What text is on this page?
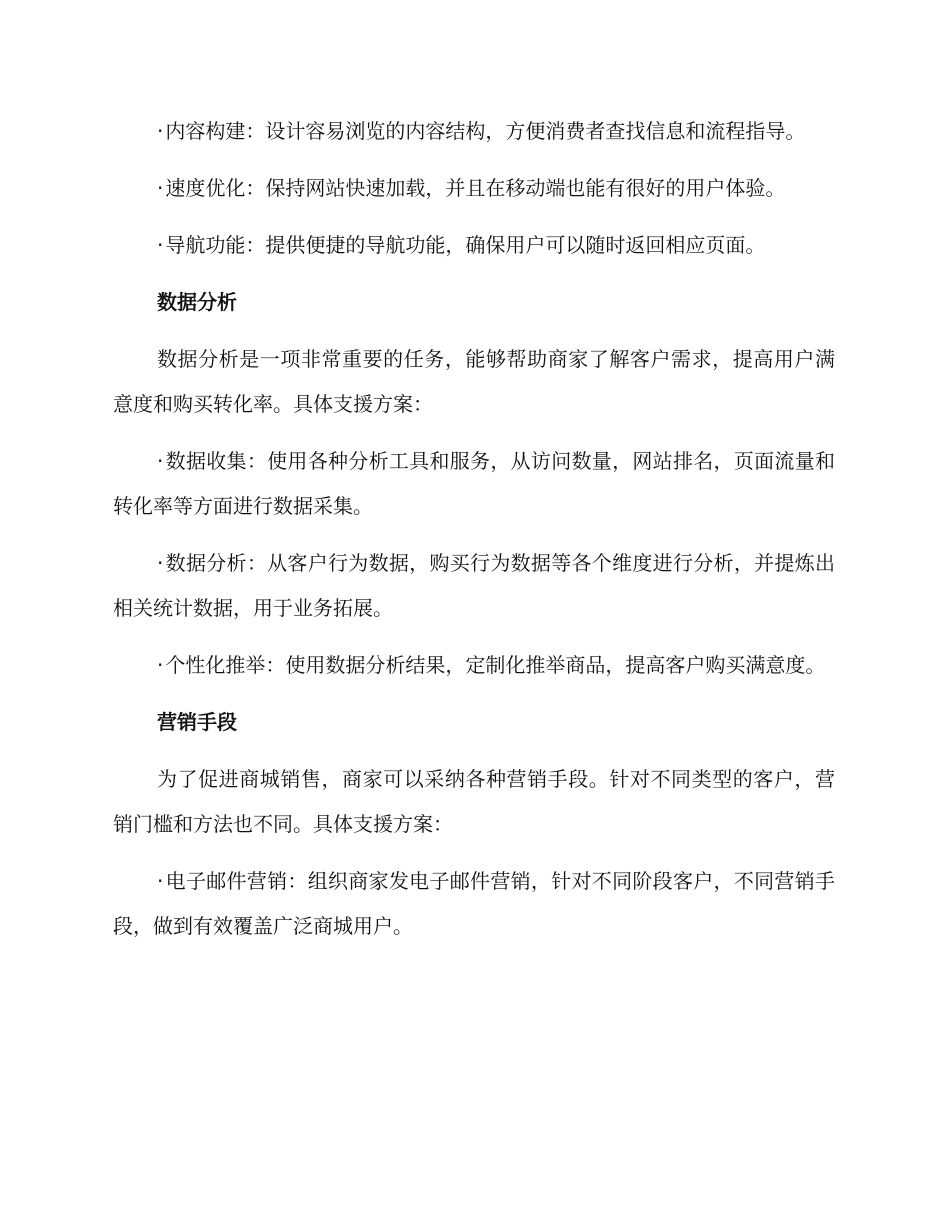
· 内容构建：设计容易浏览的内容结构，方便消费者查找信息和流程指导。

· 速度优化：保持网站快速加载，并且在移动端也能有很好的用户体验。

· 导航功能：提供便捷的导航功能，确保用户可以随时返回相应页面。

数据分析

数据分析是一项非常重要的任务，能够帮助商家了解客户需求，提高用户满意度和购买转化率。具体支援方案：

· 数据收集：使用各种分析工具和服务，从访问数量，网站排名，页面流量和转化率等方面进行数据采集。

· 数据分析：从客户行为数据，购买行为数据等各个维度进行分析，并提炼出相关统计数据，用于业务拓展。

· 个性化推举：使用数据分析结果，定制化推举商品，提高客户购买满意度。

营销手段

为了促进商城销售，商家可以采纳各种营销手段。针对不同类型的客户，营销门槛和方法也不同。具体支援方案：

· 电子邮件营销：组织商家发电子邮件营销，针对不同阶段客户，不同营销手段，做到有效覆盖广泛商城用户。
